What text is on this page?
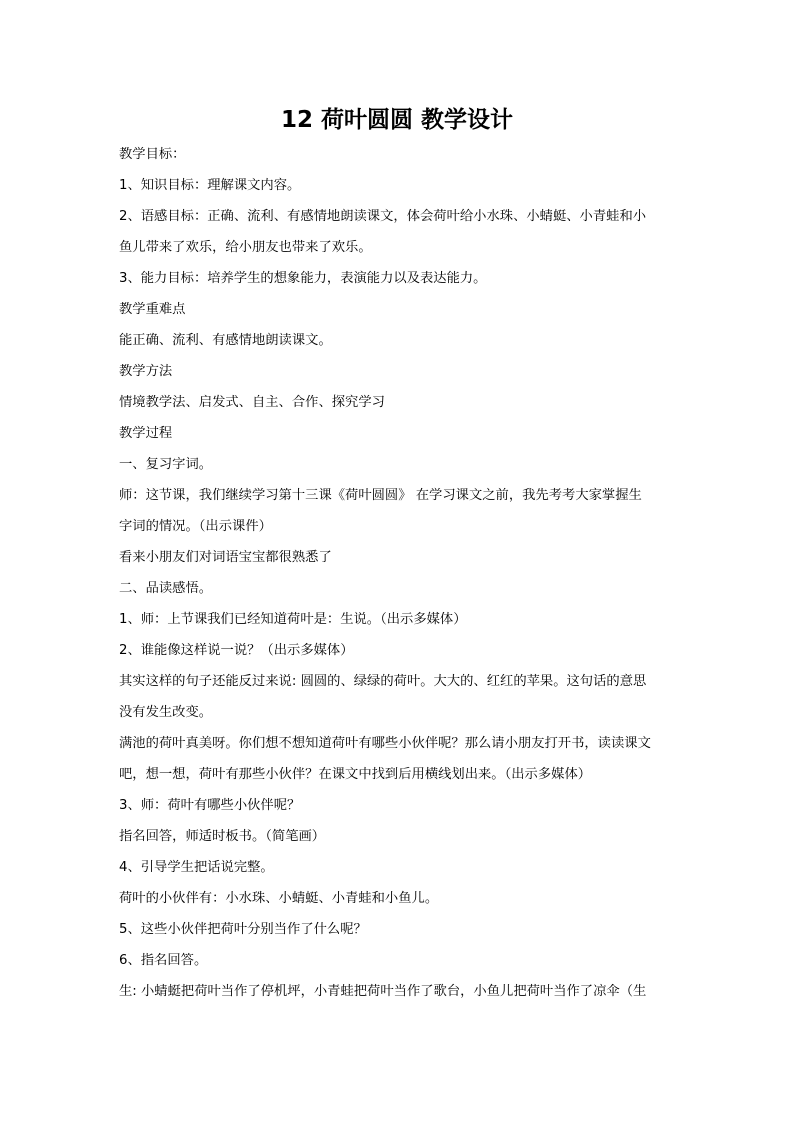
12 荷叶圆圆 教学设计
教学目标：
1、知识目标：理解课文内容。
2、语感目标：正确、流利、有感情地朗读课文，体会荷叶给小水珠、小蜻蜓、小青蛙和小
鱼儿带来了欢乐，给小朋友也带来了欢乐。
3、能力目标：培养学生的想象能力，表演能力以及表达能力。
教学重难点
能正确、流利、有感情地朗读课文。
教学方法
情境教学法、启发式、自主、合作、探究学习
教学过程
一、复习字词。
师：这节课，我们继续学习第十三课《荷叶圆圆》 在学习课文之前，我先考考大家掌握生
字词的情况。（出示课件）
看来小朋友们对词语宝宝都很熟悉了
二、品读感悟。
1、师：上节课我们已经知道荷叶是：生说。（出示多媒体）
2、谁能像这样说一说？（出示多媒体）
其实这样的句子还能反过来说: 圆圆的、绿绿的荷叶。大大的、红红的苹果。这句话的意思
没有发生改变。
满池的荷叶真美呀。你们想不想知道荷叶有哪些小伙伴呢？那么请小朋友打开书，读读课文
吧，想一想，荷叶有那些小伙伴？在课文中找到后用横线划出来。（出示多媒体）
3、师：荷叶有哪些小伙伴呢？
指名回答，师适时板书。（简笔画）
4、引导学生把话说完整。
荷叶的小伙伴有：小水珠、小蜻蜓、小青蛙和小鱼儿。
5、这些小伙伴把荷叶分别当作了什么呢？
6、指名回答。
生: 小蜻蜓把荷叶当作了停机坪，小青蛙把荷叶当作了歌台，小鱼儿把荷叶当作了凉伞（生
